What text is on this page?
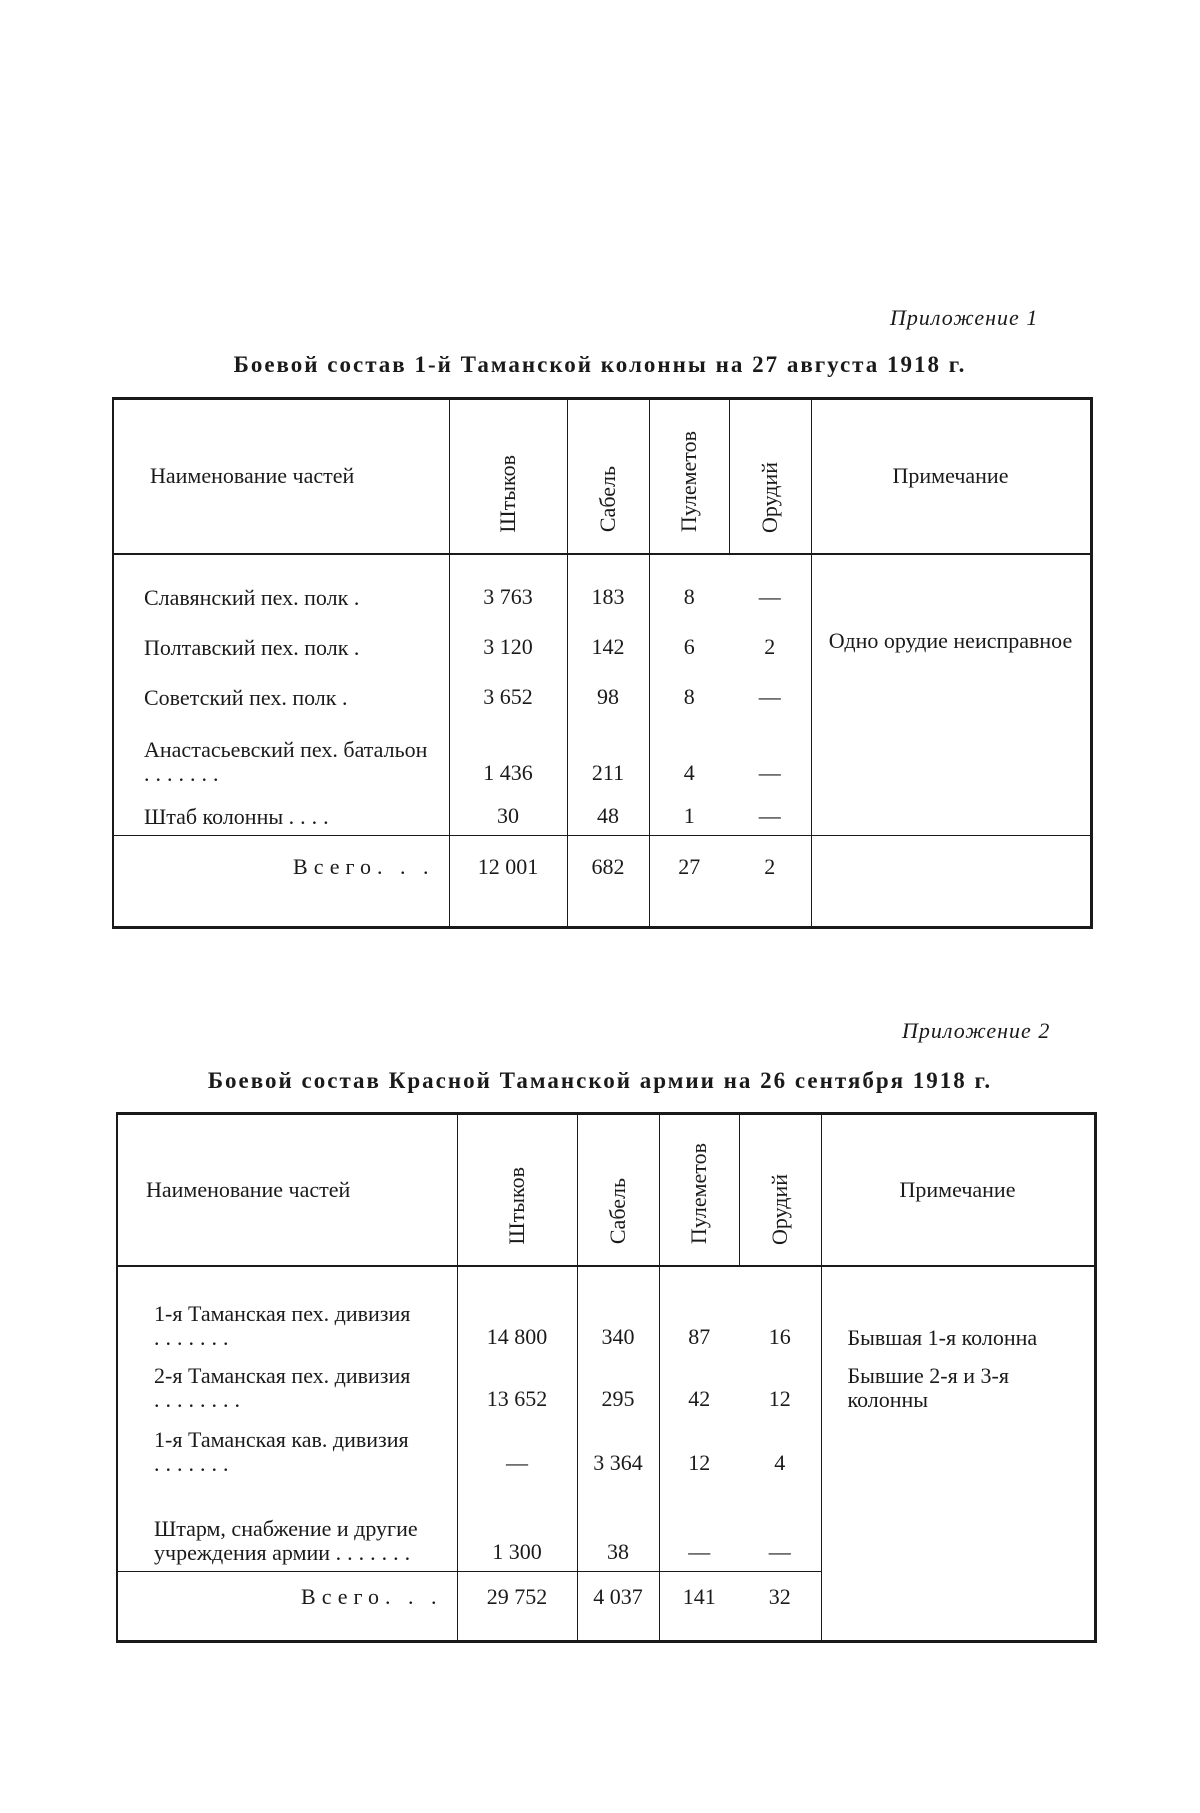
Приложение 1
Боевой состав 1-й Таманской колонны на 27 августа 1918 г.
Наименование частей	Штыков	Сабель	Пулеметов	Орудий	Примечание
Славянский пех. полк .	3 763	183	8	—	Одно орудие неисправное
Полтавский пех. полк .	3 120	142	6	2	
Советский пех. полк .	3 652	98	8	—	
Анастасьевский пех. батальон .......	1 436	211	4	—	
Штаб колонны ....	30	48	1	—	
Всего. . .	12 001	682	27	2	
Приложение 2
Боевой состав Красной Таманской армии на 26 сентября 1918 г.
Наименование частей	Штыков	Сабель	Пулеметов	Орудий	Примечание
1-я Таманская пех. дивизия .......	14 800	340	87	16	Бывшая 1-я колонна
2-я Таманская пех. дивизия ........	13 652	295	42	12	Бывшие 2-я и 3-я колонны
1-я Таманская кав. дивизия .......	—	3 364	12	4	
Штарм, снабжение и другие учреждения армии .......	1 300	38	—	—	
Всего. . .	29 752	4 037	141	32	
